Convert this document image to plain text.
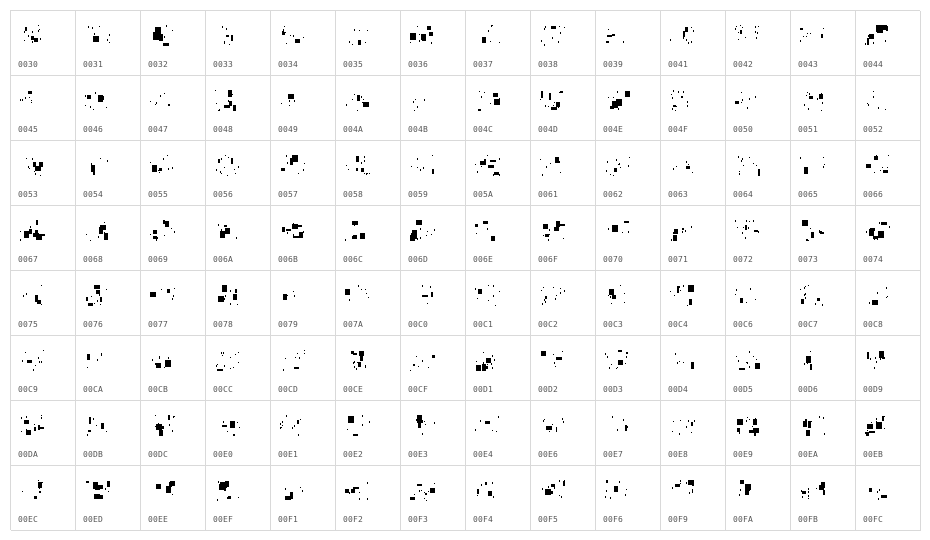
0030	0031	0032	0033	0034	0035	0036	0037	0038	0039	0041	0042	0043	0044
0045	0046	0047	0048	0049	004A	004B	004C	004D	004E	004F	0050	0051	0052
0053	0054	0055	0056	0057	0058	0059	005A	0061	0062	0063	0064	0065	0066
0067	0068	0069	006A	006B	006C	006D	006E	006F	0070	0071	0072	0073	0074
0075	0076	0077	0078	0079	007A	00C0	00C1	00C2	00C3	00C4	00C6	00C7	00C8
00C9	00CA	00CB	00CC	00CD	00CE	00CF	00D1	00D2	00D3	00D4	00D5	00D6	00D9
00DA	00DB	00DC	00E0	00E1	00E2	00E3	00E4	00E6	00E7	00E8	00E9	00EA	00EB
00EC	00ED	00EE	00EF	00F1	00F2	00F3	00F4	00F5	00F6	00F9	00FA	00FB	00FC
